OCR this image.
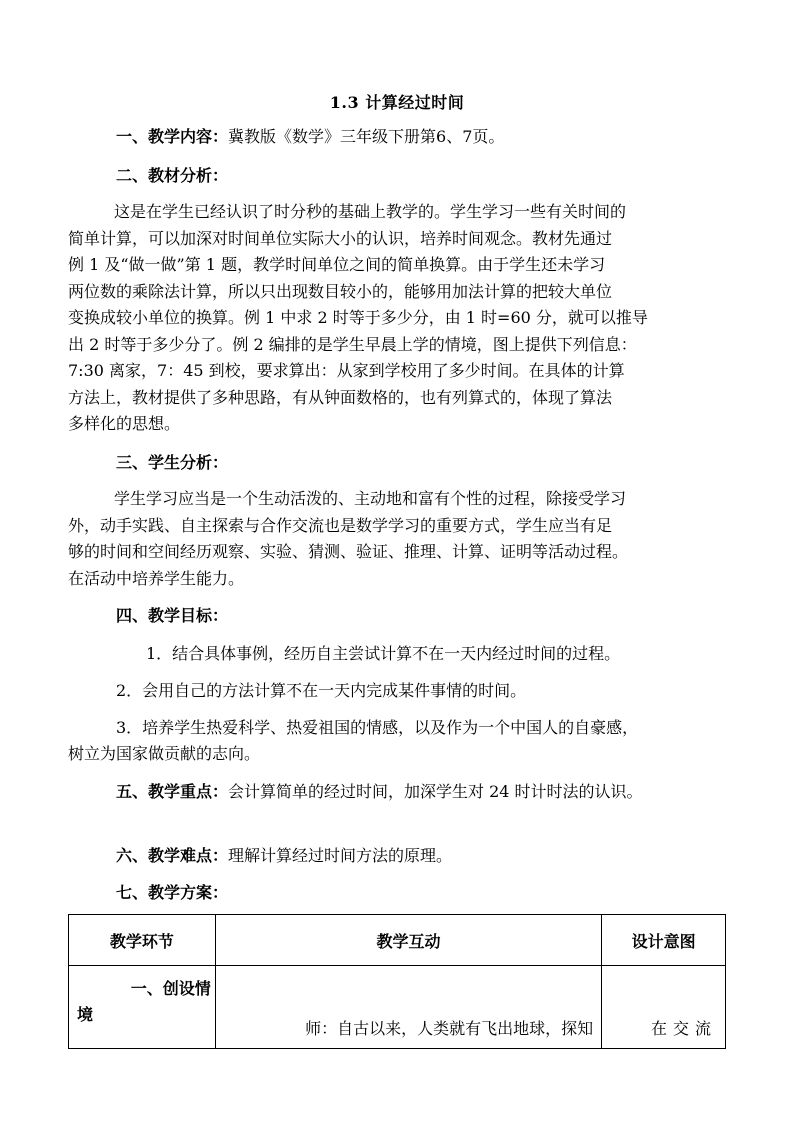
1.3 计算经过时间
一、教学内容：冀教版《数学》三年级下册第6、7页。
二、教材分析：
这是在学生已经认识了时分秒的基础上教学的。学生学习一些有关时间的
简单计算，可以加深对时间单位实际大小的认识，培养时间观念。教材先通过
例 1 及“做一做”第 1 题，教学时间单位之间的简单换算。由于学生还未学习
两位数的乘除法计算，所以只出现数目较小的，能够用加法计算的把较大单位
变换成较小单位的换算。例 1 中求 2 时等于多少分，由 1 时=60 分，就可以推导
出 2 时等于多少分了。例 2 编排的是学生早晨上学的情境，图上提供下列信息：
7:30 离家，7：45 到校，要求算出：从家到学校用了多少时间。在具体的计算
方法上，教材提供了多种思路，有从钟面数格的，也有列算式的，体现了算法
多样化的思想。
三、学生分析：
学生学习应当是一个生动活泼的、主动地和富有个性的过程，除接受学习
外，动手实践、自主探索与合作交流也是数学学习的重要方式，学生应当有足
够的时间和空间经历观察、实验、猜测、验证、推理、计算、证明等活动过程。
在活动中培养学生能力。
四、教学目标：
1．结合具体事例，经历自主尝试计算不在一天内经过时间的过程。
2．会用自己的方法计算不在一天内完成某件事情的时间。
3．培养学生热爱科学、热爱祖国的情感，以及作为一个中国人的自豪感，
树立为国家做贡献的志向。
五、教学重点：会计算简单的经过时间，加深学生对 24 时计时法的认识。
六、教学难点：理解计算经过时间方法的原理。
七、教学方案：
教学环节	教学互动	设计意图

一、创设情
境	师：自古以来，人类就有飞出地球，探知	在交流
